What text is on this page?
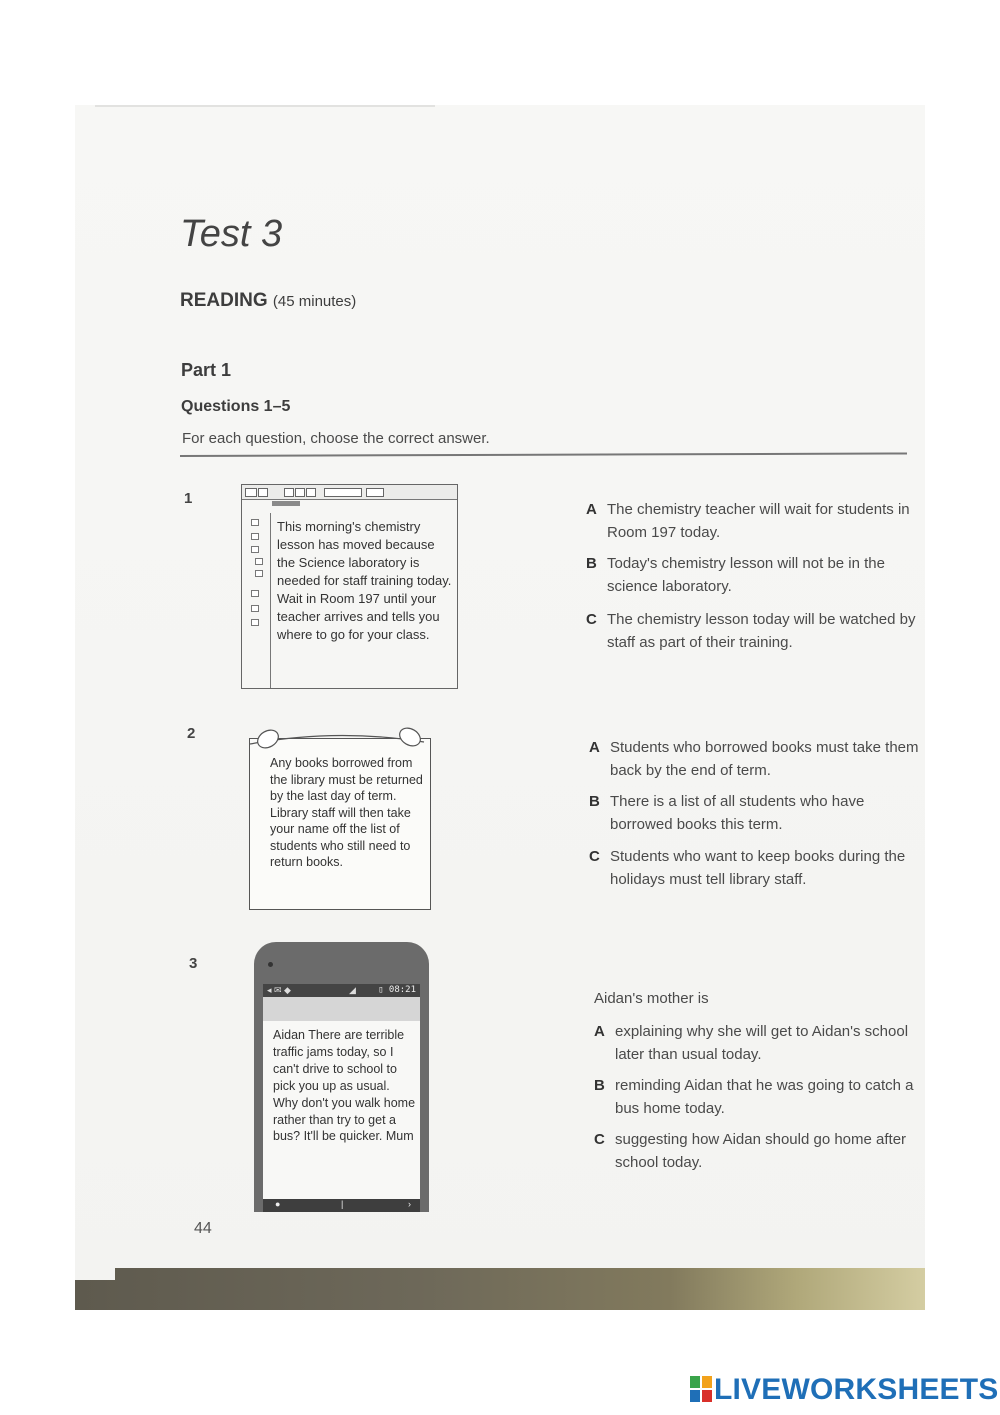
Test 3
READING (45 minutes)
Part 1
Questions 1–5
For each question, choose the correct answer.
1
This morning's chemistry lesson has moved because the Science laboratory is needed for staff training today. Wait in Room 197 until your teacher arrives and tells you where to go for your class.
A The chemistry teacher will wait for students in Room 197 today.
B Today's chemistry lesson will not be in the science laboratory.
C The chemistry lesson today will be watched by staff as part of their training.
2
Any books borrowed from the library must be returned by the last day of term. Library staff will then take your name off the list of students who still need to return books.
A Students who borrowed books must take them back by the end of term.
B There is a list of all students who have borrowed books this term.
C Students who want to keep books during the holidays must tell library staff.
3
◂ ✉ ◆	◢ ▯ 08:21
Aidan There are terrible traffic jams today, so I can't drive to school to pick you up as usual. Why don't you walk home rather than try to get a bus? It'll be quicker. Mum
●	|	›
Aidan's mother is
A explaining why she will get to Aidan's school later than usual today.
B reminding Aidan that he was going to catch a bus home today.
C suggesting how Aidan should go home after school today.
44
LIVEWORKSHEETS
